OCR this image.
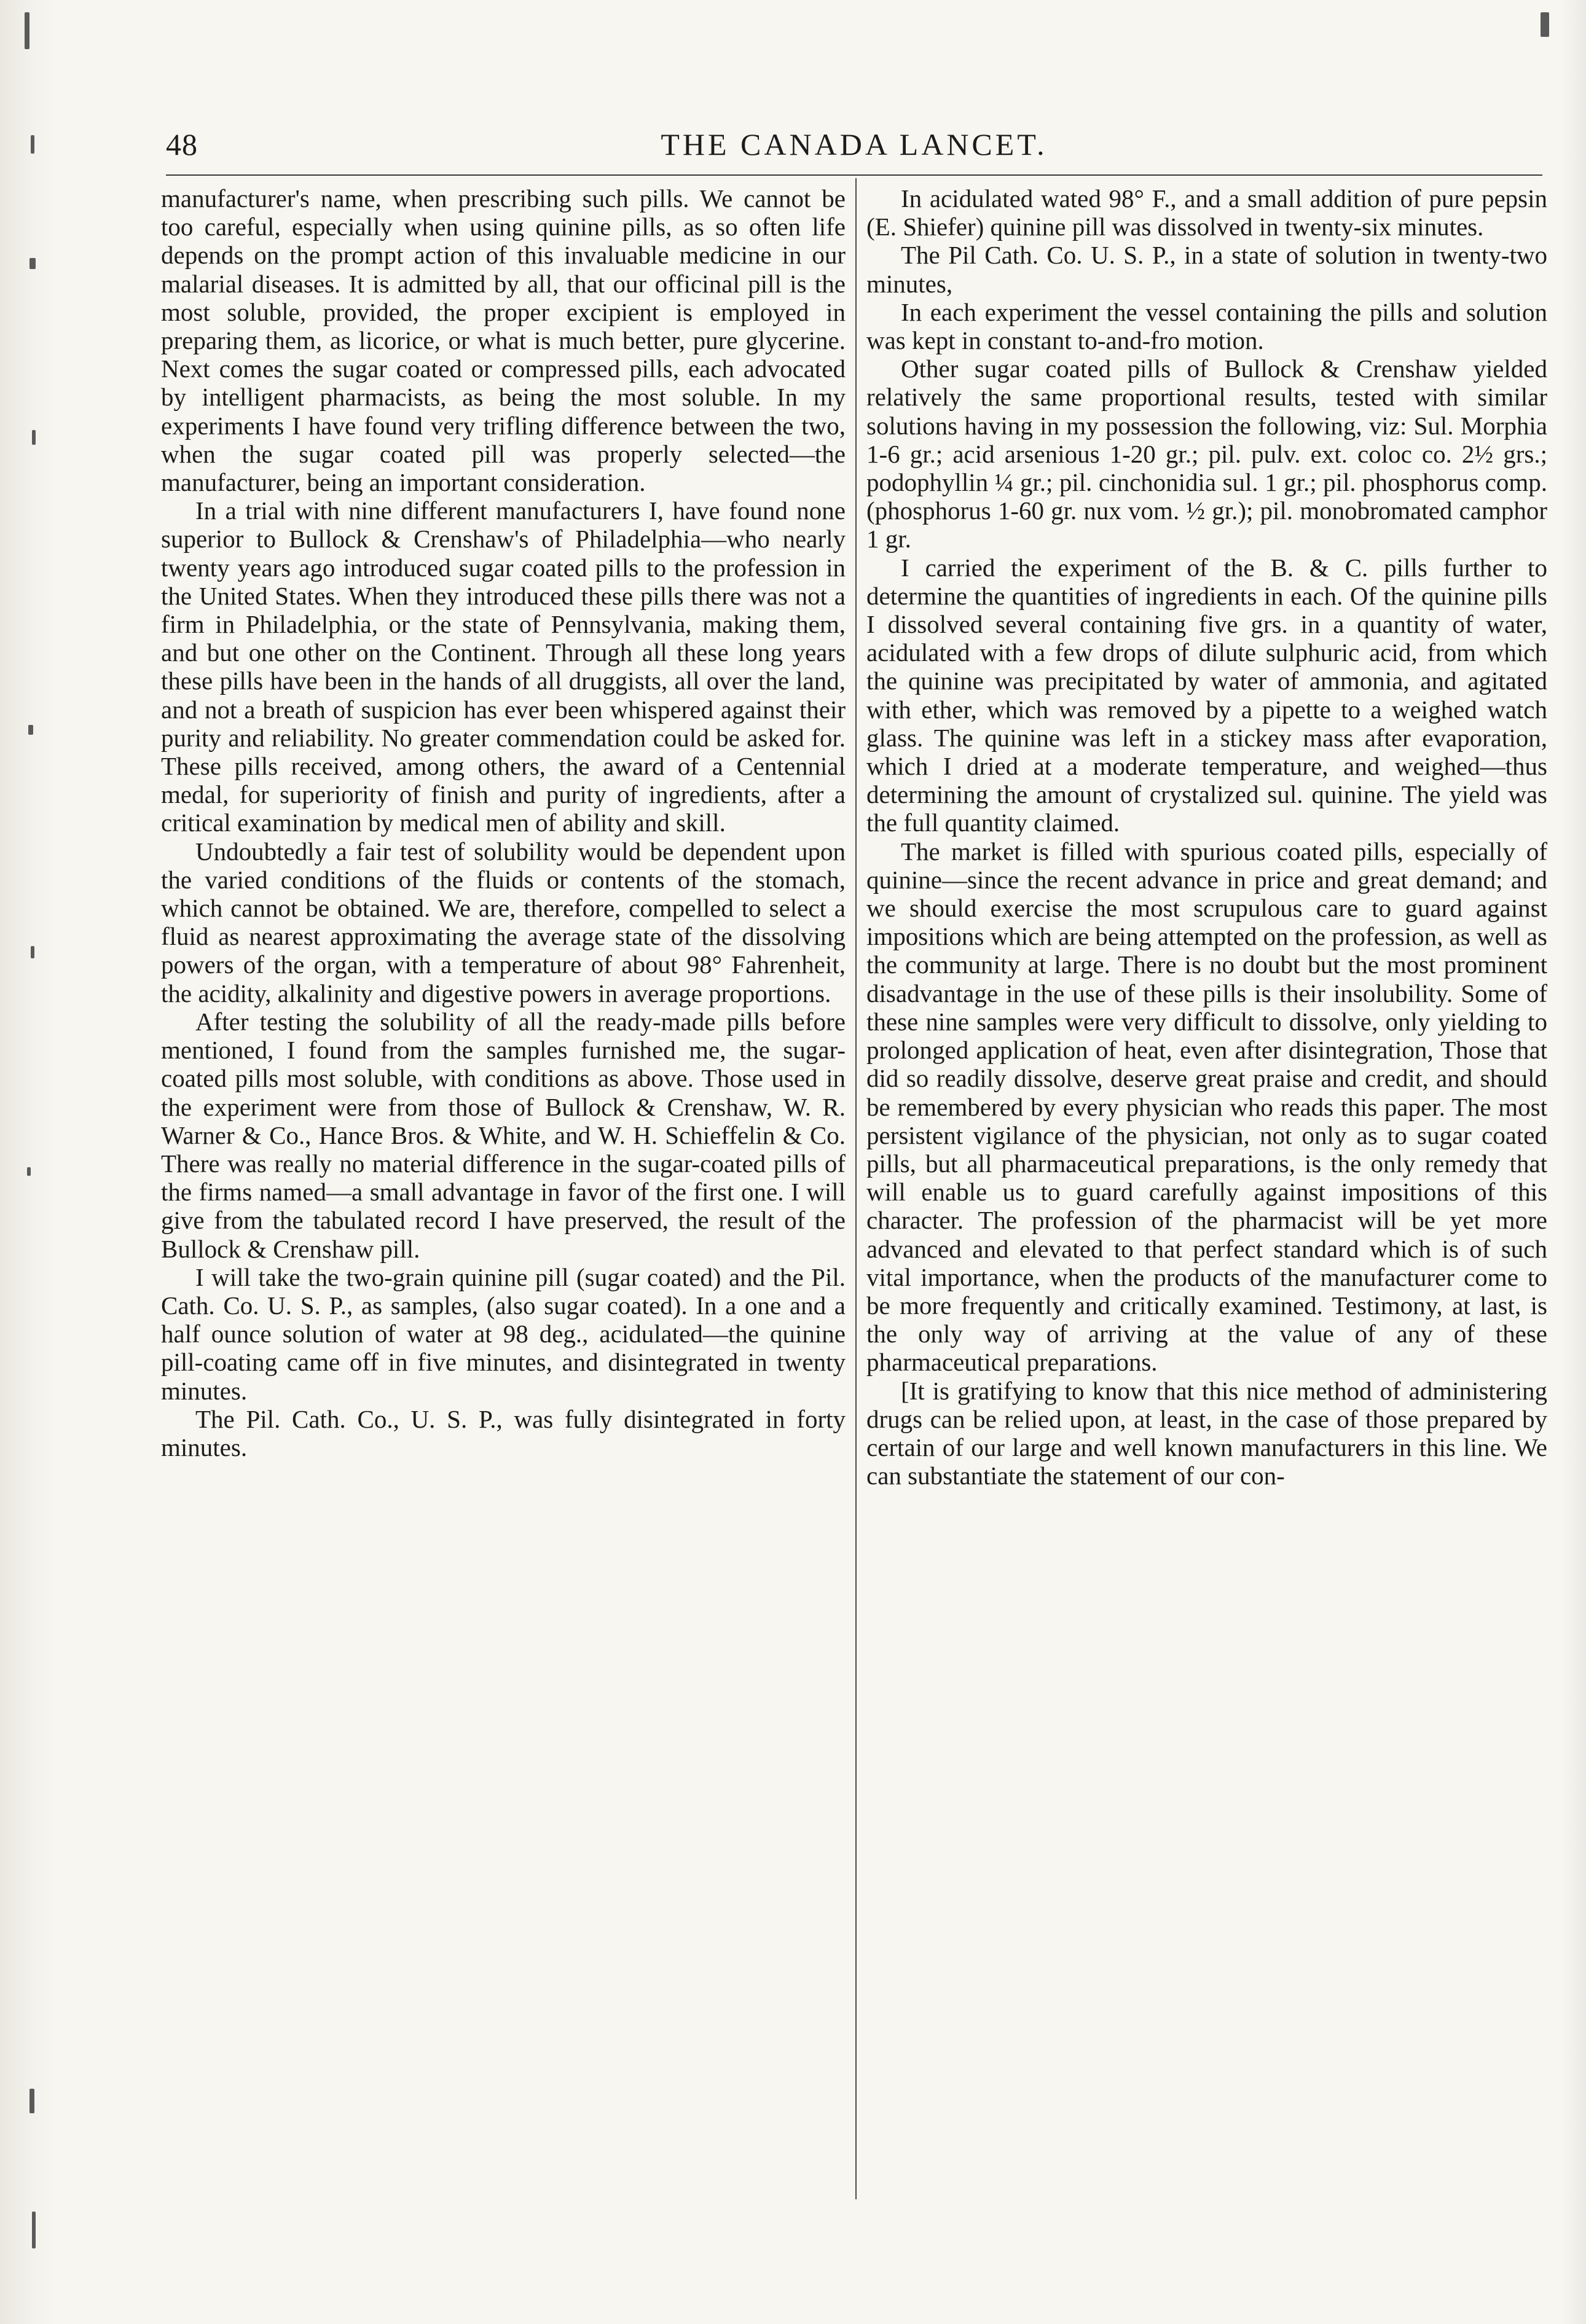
48	THE CANADA LANCET.

manufacturer's name, when prescribing such pills. We cannot be too careful, especially when using quinine pills, as so often life depends on the prompt action of this invaluable medicine in our malarial diseases. It is admitted by all, that our officinal pill is the most soluble, provided, the proper excipient is employed in preparing them, as licorice, or what is much better, pure glycerine. Next comes the sugar coated or compressed pills, each advocated by intelligent pharmacists, as being the most soluble. In my experiments I have found very trifling difference between the two, when the sugar coated pill was properly selected—the manufacturer, being an important consideration.

In a trial with nine different manufacturers I, have found none superior to Bullock & Crenshaw's of Philadelphia—who nearly twenty years ago introduced sugar coated pills to the profession in the United States. When they introduced these pills there was not a firm in Philadelphia, or the state of Pennsylvania, making them, and but one other on the Continent. Through all these long years these pills have been in the hands of all druggists, all over the land, and not a breath of suspicion has ever been whispered against their purity and reliability. No greater commendation could be asked for. These pills received, among others, the award of a Centennial medal, for superiority of finish and purity of ingredients, after a critical examination by medical men of ability and skill.

Undoubtedly a fair test of solubility would be dependent upon the varied conditions of the fluids or contents of the stomach, which cannot be obtained. We are, therefore, compelled to select a fluid as nearest approximating the average state of the dissolving powers of the organ, with a temperature of about 98° Fahrenheit, the acidity, alkalinity and digestive powers in average proportions.

After testing the solubility of all the ready-made pills before mentioned, I found from the samples furnished me, the sugar-coated pills most soluble, with conditions as above. Those used in the experiment were from those of Bullock & Crenshaw, W. R. Warner & Co., Hance Bros. & White, and W. H. Schieffelin & Co. There was really no material difference in the sugar-coated pills of the firms named—a small advantage in favor of the first one. I will give from the tabulated record I have preserved, the result of the Bullock & Crenshaw pill.

I will take the two-grain quinine pill (sugar coated) and the Pil. Cath. Co. U. S. P., as samples, (also sugar coated). In a one and a half ounce solution of water at 98 deg., acidulated—the quinine pill-coating came off in five minutes, and disintegrated in twenty minutes.

The Pil. Cath. Co., U. S. P., was fully disintegrated in forty minutes.

In acidulated wated 98° F., and a small addition of pure pepsin (E. Shiefer) quinine pill was dissolved in twenty-six minutes.

The Pil Cath. Co. U. S. P., in a state of solution in twenty-two minutes,

In each experiment the vessel containing the pills and solution was kept in constant to-and-fro motion.

Other sugar coated pills of Bullock & Crenshaw yielded relatively the same proportional results, tested with similar solutions having in my possession the following, viz: Sul. Morphia 1-6 gr.; acid arsenious 1-20 gr.; pil. pulv. ext. coloc co. 2½ grs.; podophyllin ¼ gr.; pil. cinchonidia sul. 1 gr.; pil. phosphorus comp. (phosphorus 1-60 gr. nux vom. ½ gr.); pil. monobromated camphor 1 gr.

I carried the experiment of the B. & C. pills further to determine the quantities of ingredients in each. Of the quinine pills I dissolved several containing five grs. in a quantity of water, acidulated with a few drops of dilute sulphuric acid, from which the quinine was precipitated by water of ammonia, and agitated with ether, which was removed by a pipette to a weighed watch glass. The quinine was left in a stickey mass after evaporation, which I dried at a moderate temperature, and weighed—thus determining the amount of crystalized sul. quinine. The yield was the full quantity claimed.

The market is filled with spurious coated pills, especially of quinine—since the recent advance in price and great demand; and we should exercise the most scrupulous care to guard against impositions which are being attempted on the profession, as well as the community at large. There is no doubt but the most prominent disadvantage in the use of these pills is their insolubility. Some of these nine samples were very difficult to dissolve, only yielding to prolonged application of heat, even after disintegration, Those that did so readily dissolve, deserve great praise and credit, and should be remembered by every physician who reads this paper. The most persistent vigilance of the physician, not only as to sugar coated pills, but all pharmaceutical preparations, is the only remedy that will enable us to guard carefully against impositions of this character. The profession of the pharmacist will be yet more advanced and elevated to that perfect standard which is of such vital importance, when the products of the manufacturer come to be more frequently and critically examined. Testimony, at last, is the only way of arriving at the value of any of these pharmaceutical preparations.

[It is gratifying to know that this nice method of administering drugs can be relied upon, at least, in the case of those prepared by certain of our large and well known manufacturers in this line. We can substantiate the statement of our con-
